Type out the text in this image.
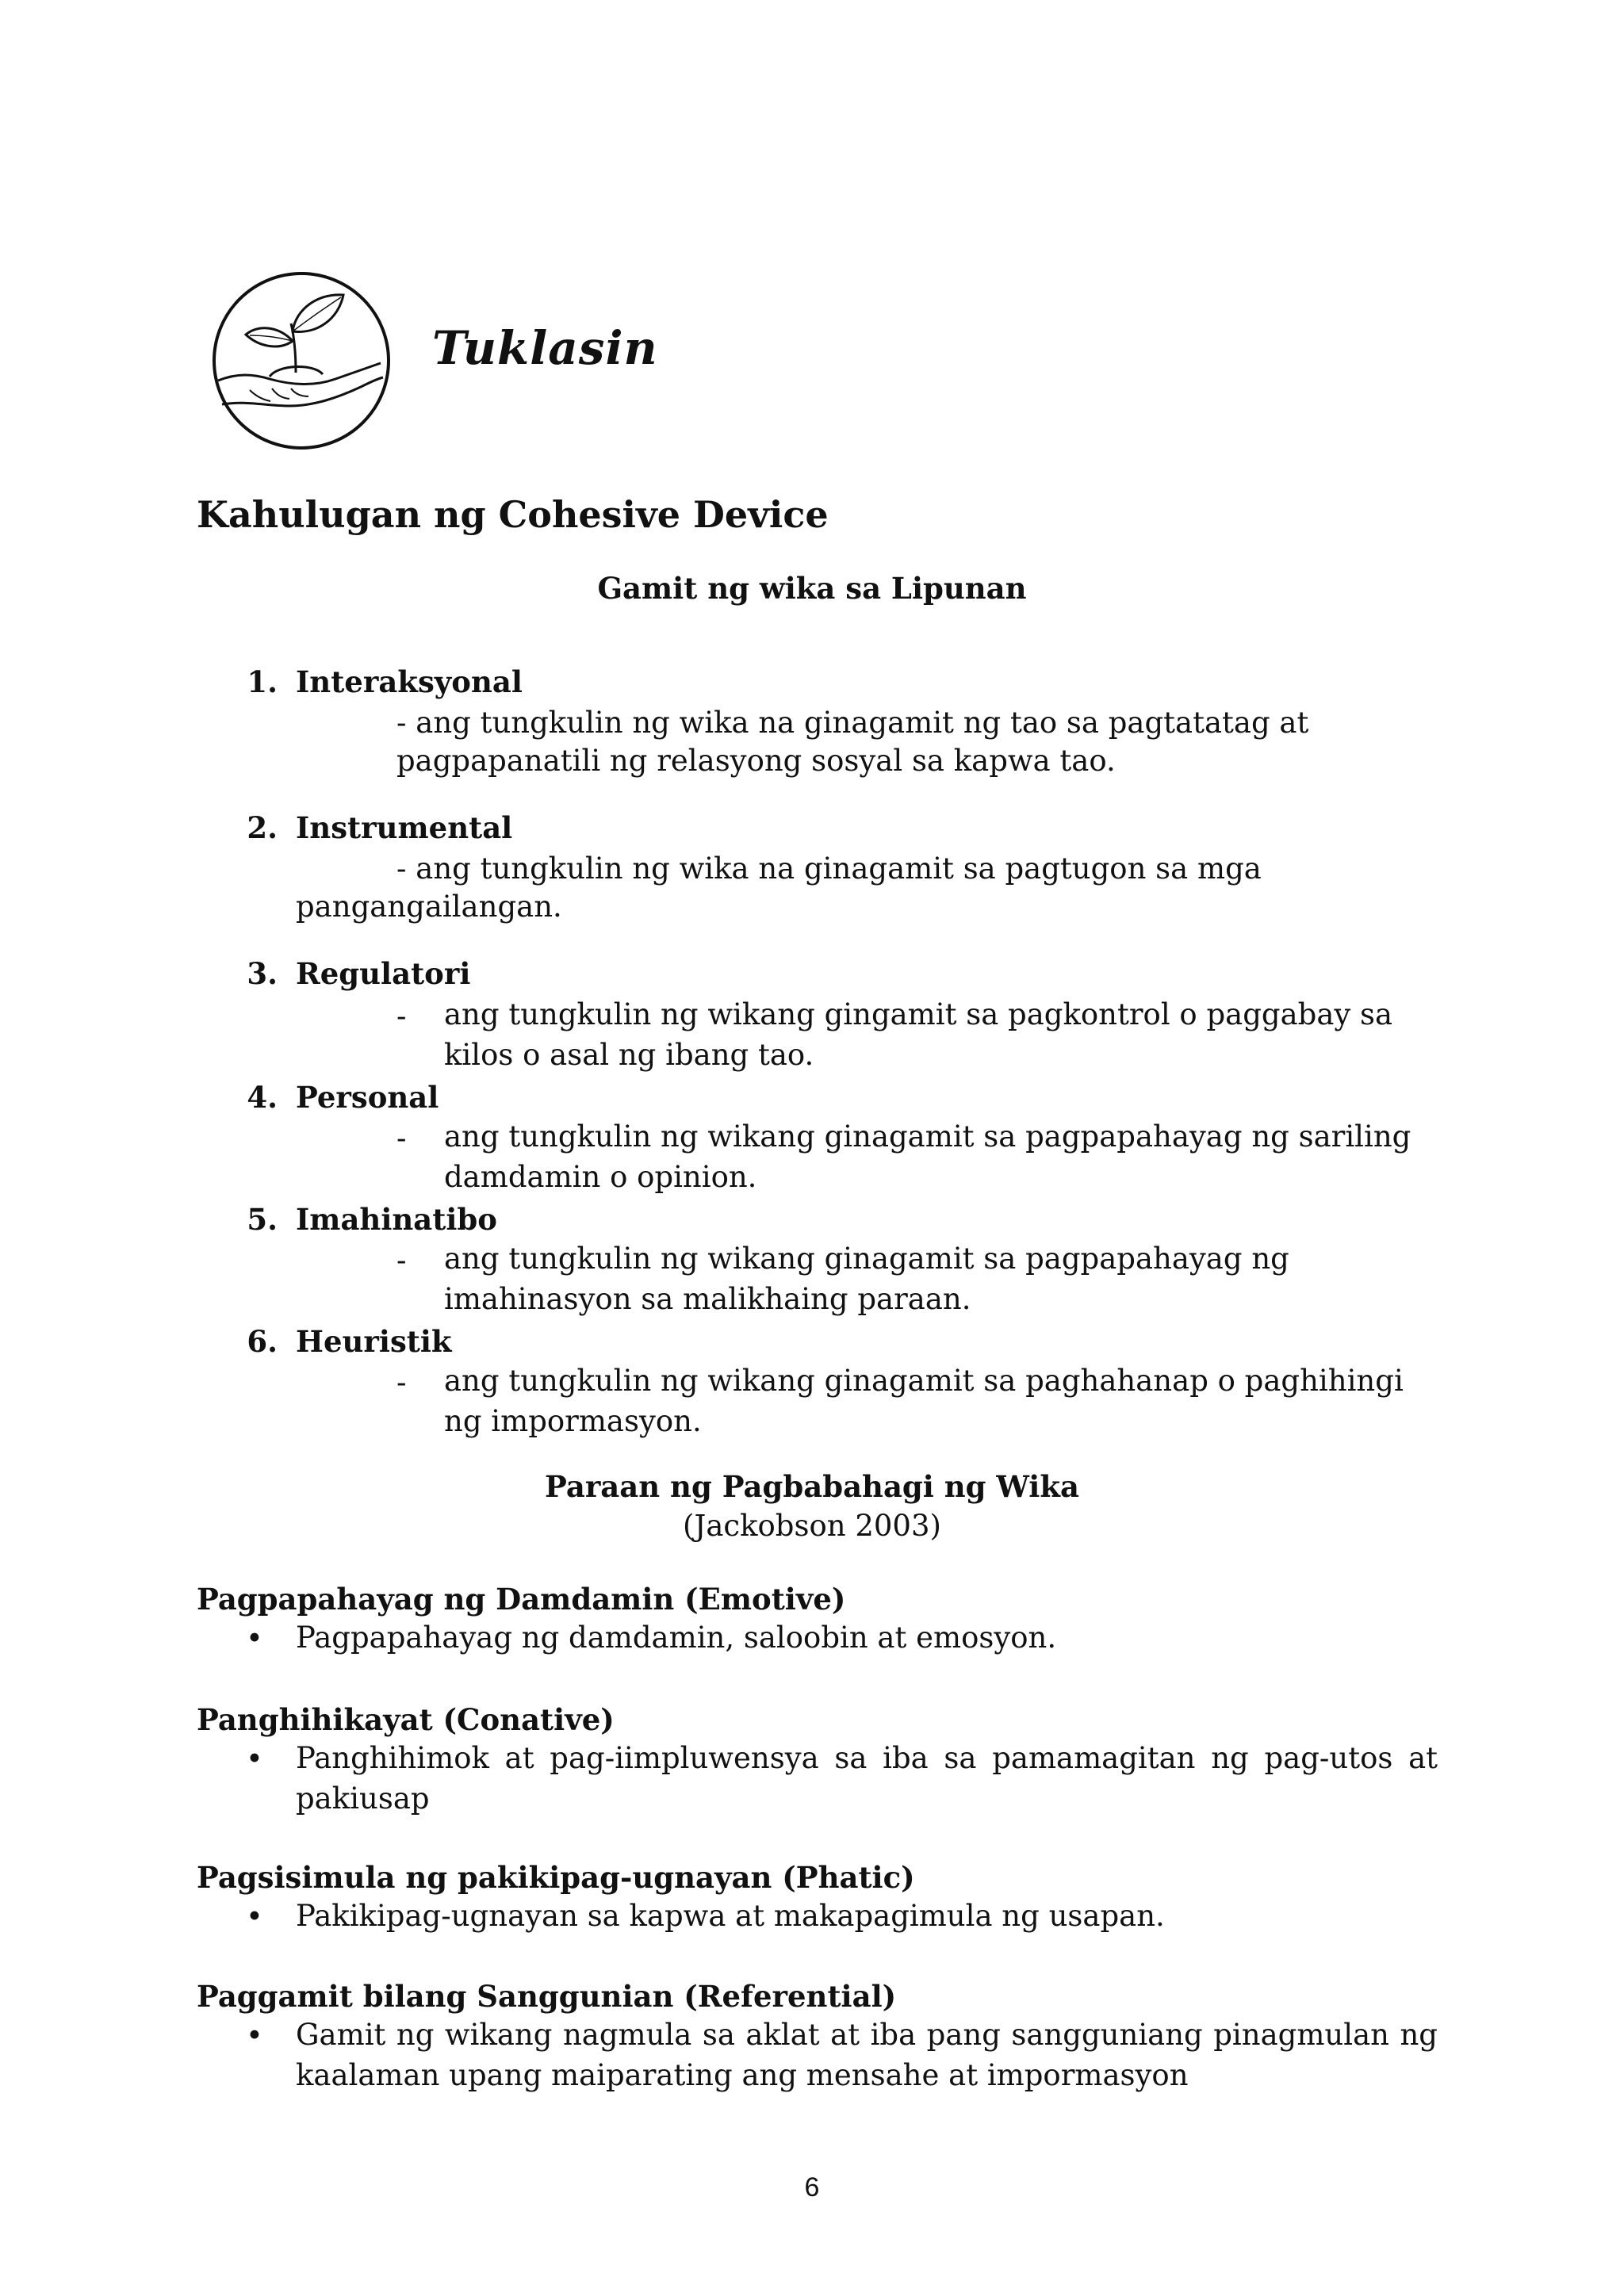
Tuklasin
Kahulugan ng Cohesive Device
Gamit ng wika sa Lipunan
1. Interaksyonal
- ang tungkulin ng wika na ginagamit ng tao sa pagtatatag at
pagpapanatili ng relasyong sosyal sa kapwa tao.
2. Instrumental
- ang tungkulin ng wika na ginagamit sa pagtugon sa mga
pangangailangan.
3. Regulatori
- ang tungkulin ng wikang gingamit sa pagkontrol o paggabay sa
kilos o asal ng ibang tao.
4. Personal
- ang tungkulin ng wikang ginagamit sa pagpapahayag ng sariling
damdamin o opinion.
5. Imahinatibo
- ang tungkulin ng wikang ginagamit sa pagpapahayag ng
imahinasyon sa malikhaing paraan.
6. Heuristik
- ang tungkulin ng wikang ginagamit sa paghahanap o paghihingi
ng impormasyon.
Paraan ng Pagbabahagi ng Wika
(Jackobson 2003)
Pagpapahayag ng Damdamin (Emotive)
• Pagpapahayag ng damdamin, saloobin at emosyon.
Panghihikayat (Conative)
• Panghihimok at pag-iimpluwensya sa iba sa pamamagitan ng pag-utos at pakiusap
Pagsisimula ng pakikipag-ugnayan (Phatic)
• Pakikipag-ugnayan sa kapwa at makapagimula ng usapan.
Paggamit bilang Sanggunian (Referential)
• Gamit ng wikang nagmula sa aklat at iba pang sangguniang pinagmulan ng kaalaman upang maiparating ang mensahe at impormasyon
6
